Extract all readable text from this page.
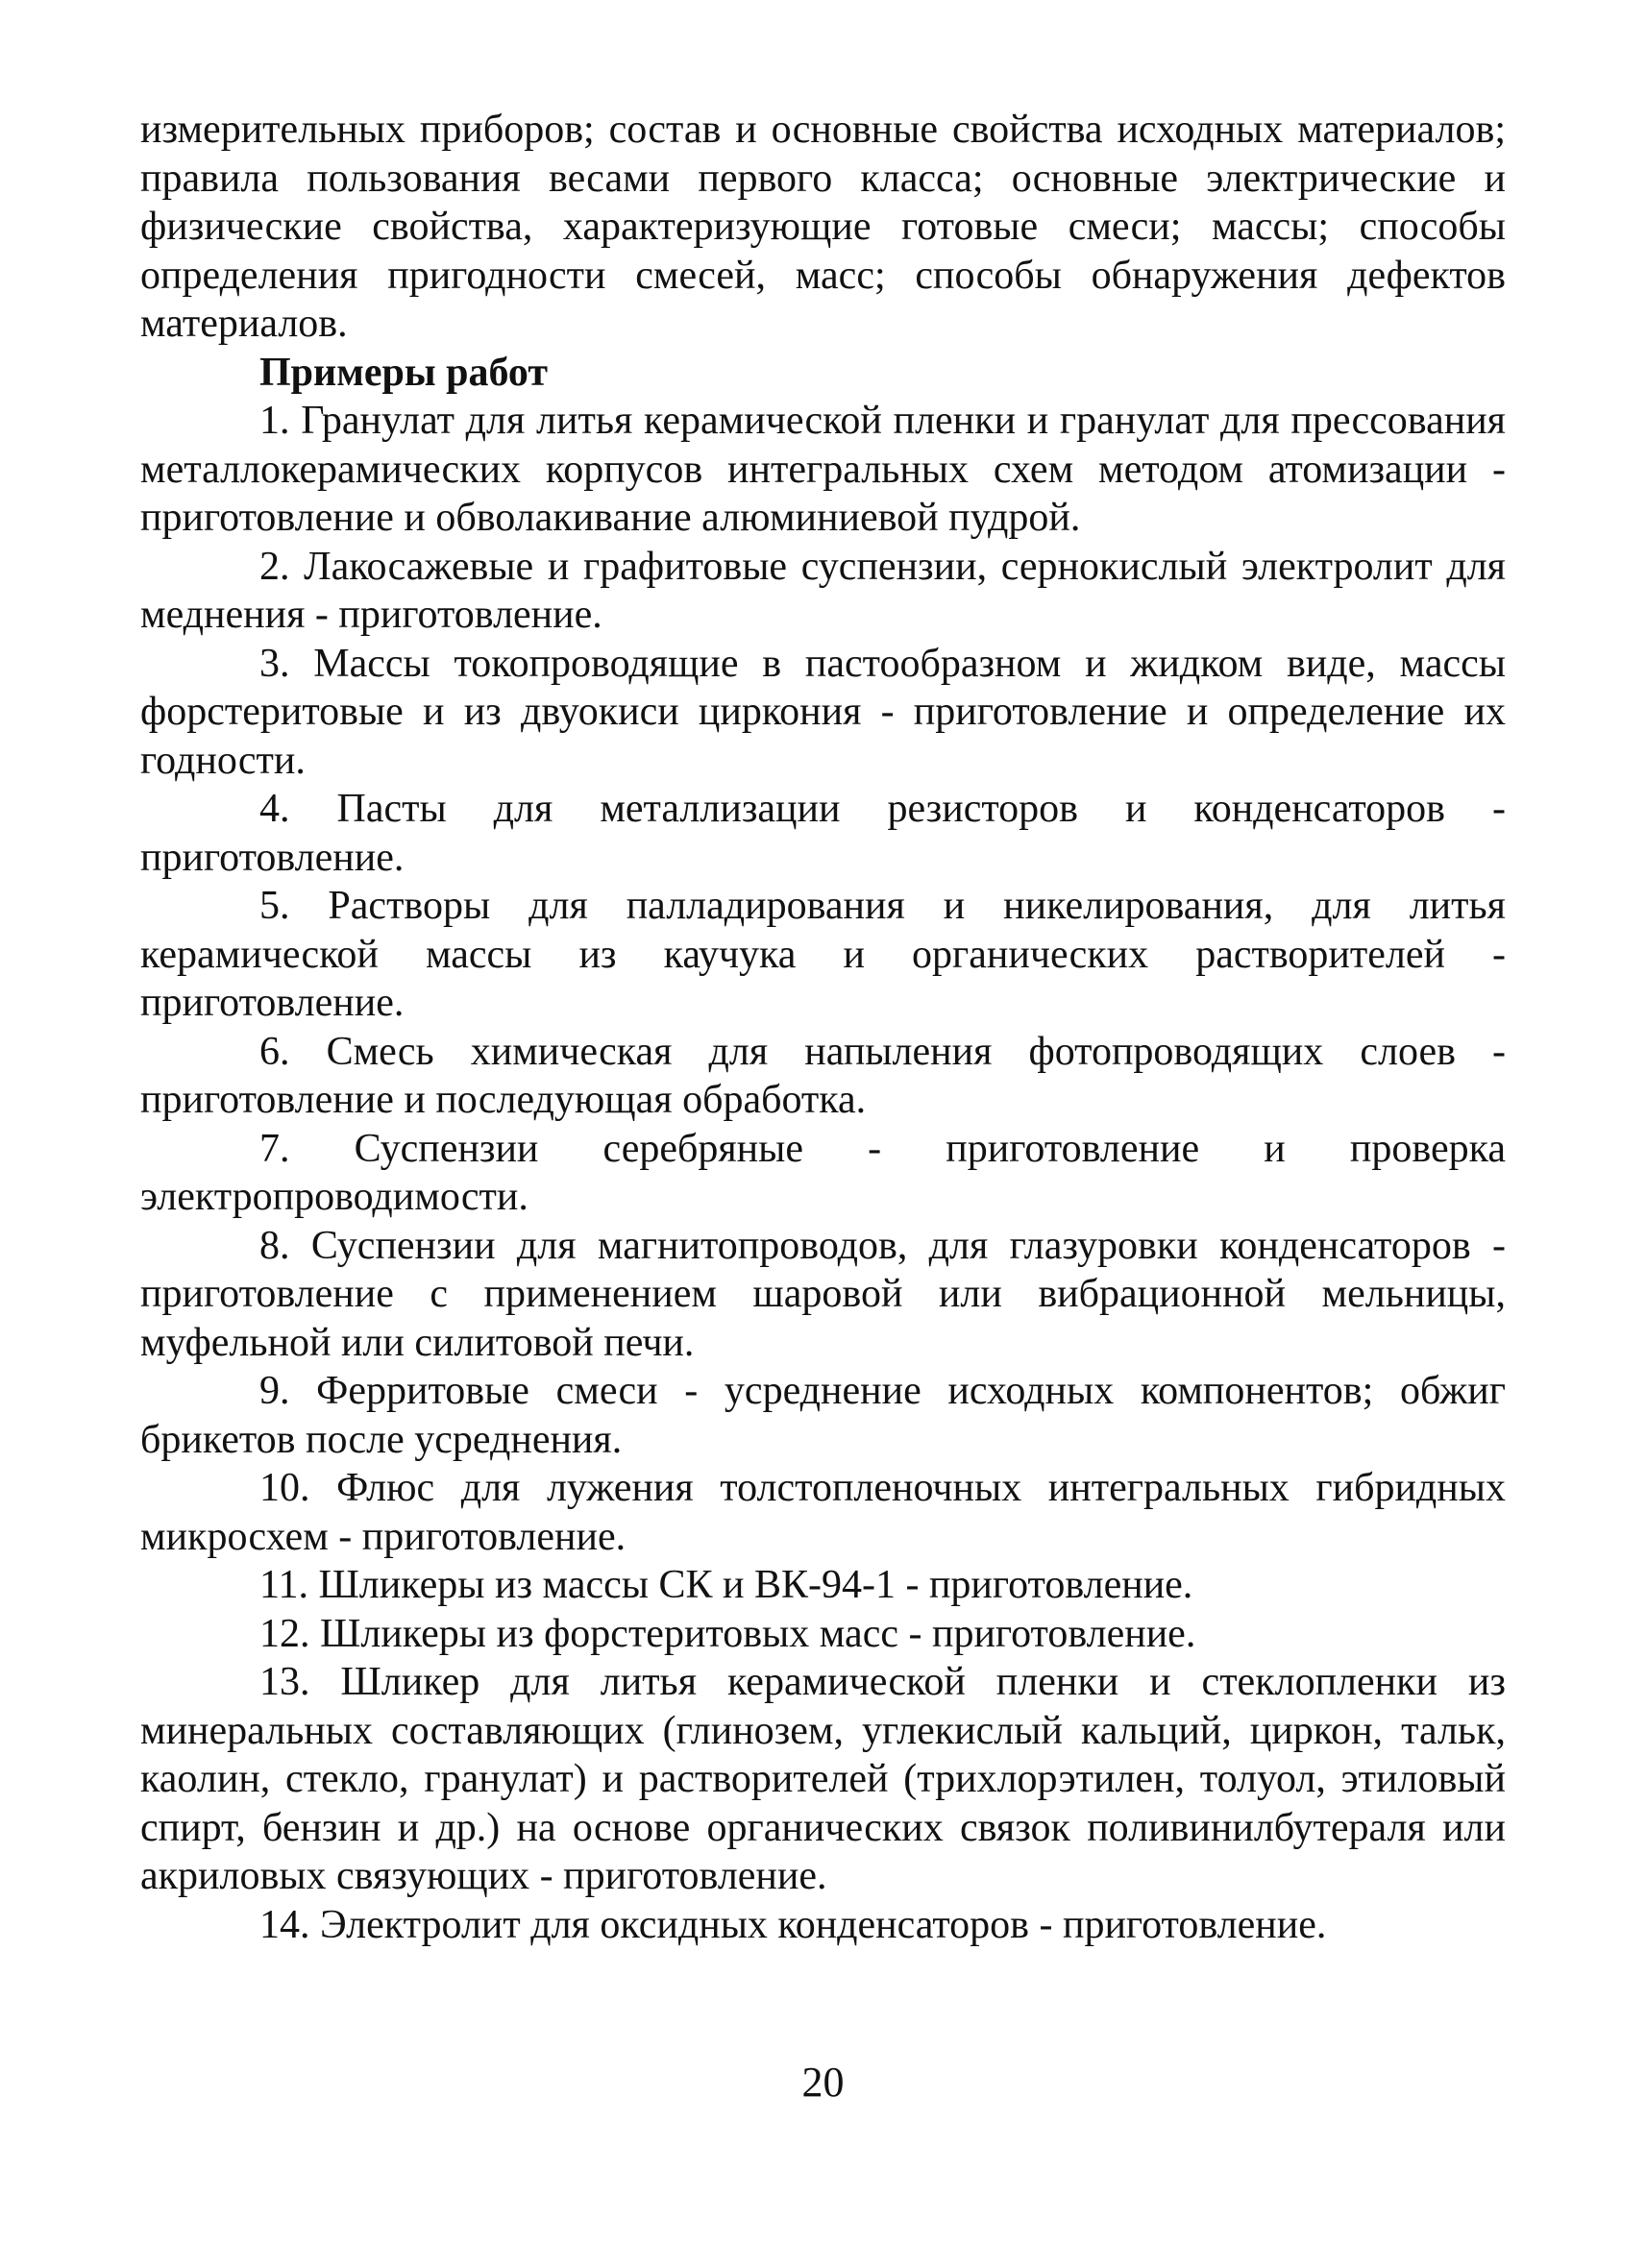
измерительных приборов; состав и основные свойства исходных материалов; правила пользования весами первого класса; основные электрические и физические свойства, характеризующие готовые смеси; массы; способы определения пригодности смесей, масс; способы обнаружения дефектов материалов.

Примеры работ

1. Гранулат для литья керамической пленки и гранулат для прессования металлокерамических корпусов интегральных схем методом атомизации - приготовление и обволакивание алюминиевой пудрой.

2. Лакосажевые и графитовые суспензии, сернокислый электролит для меднения - приготовление.

3. Массы токопроводящие в пастообразном и жидком виде, массы форстеритовые и из двуокиси циркония - приготовление и определение их годности.

4. Пасты для металлизации резисторов и конденсаторов - приготовление.

5. Растворы для палладирования и никелирования, для литья керамической массы из каучука и органических растворителей - приготовление.

6. Смесь химическая для напыления фотопроводящих слоев - приготовление и последующая обработка.

7. Суспензии серебряные - приготовление и проверка электропроводимости.

8. Суспензии для магнитопроводов, для глазуровки конденсаторов - приготовление с применением шаровой или вибрационной мельницы, муфельной или силитовой печи.

9. Ферритовые смеси - усреднение исходных компонентов; обжиг брикетов после усреднения.

10. Флюс для лужения толстопленочных интегральных гибридных микросхем - приготовление.

11. Шликеры из массы СК и ВК-94-1 - приготовление.

12. Шликеры из форстеритовых масс - приготовление.

13. Шликер для литья керамической пленки и стеклопленки из минеральных составляющих (глинозем, углекислый кальций, циркон, тальк, каолин, стекло, гранулат) и растворителей (трихлорэтилен, толуол, этиловый спирт, бензин и др.) на основе органических связок поливинилбутераля или акриловых связующих - приготовление.

14. Электролит для оксидных конденсаторов - приготовление.

20
